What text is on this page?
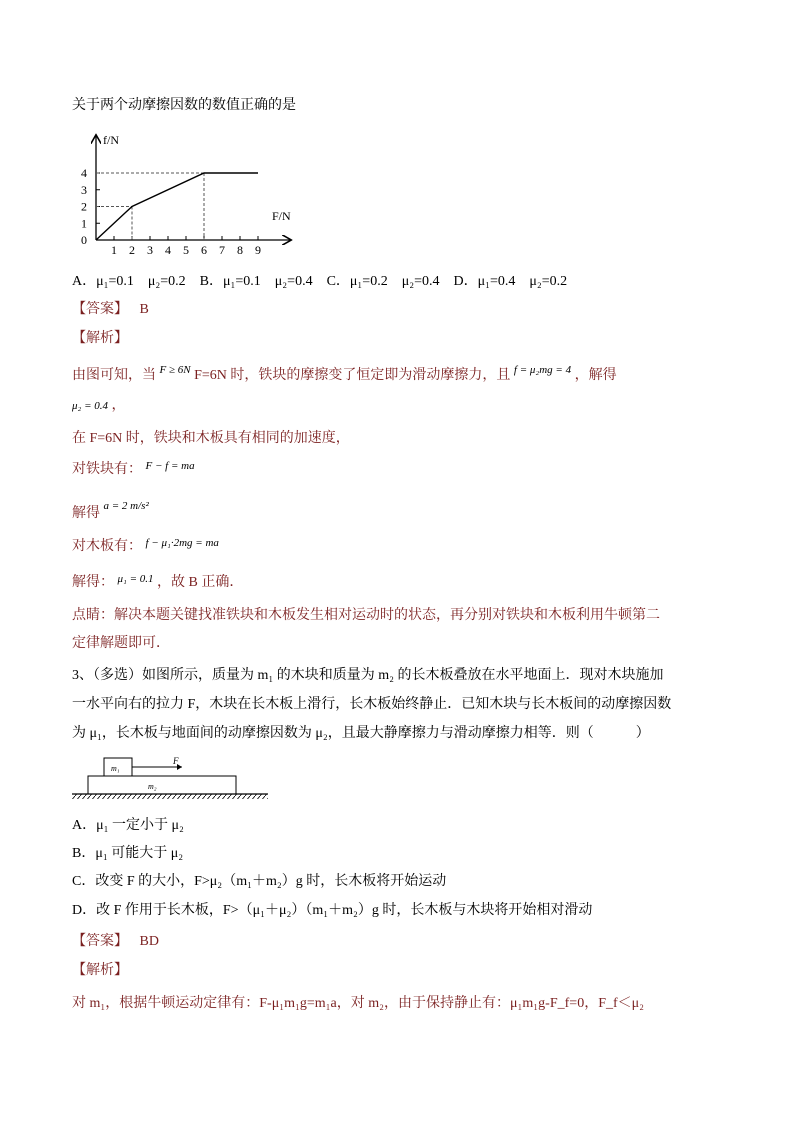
关于两个动摩擦因数的数值正确的是
f/N
F/N
1 2 3 4 5 6 7 8 9
0
1
2
3
4
A．μ₁=0.1　μ₂=0.2　B．μ₁=0.1　μ₂=0.4　C．μ₁=0.2　μ₂=0.4　D．μ₁=0.4　μ₂=0.2
【答案】 B
【解析】
由图可知，当 $^{F \ge 6N}$ F=6N 时，铁块的摩擦变了恒定即为滑动摩擦力，且 $^{f = \mu_2mg = 4}$ ，解得
μ₂ = 0.4 ，
在 F=6N 时，铁块和木板具有相同的加速度，
对铁块有： $^{F - f = ma}$
解得 $^{a = 2 m/s^2}$
对木板有： $^{f - \mu_1\cdot 2mg = ma}$
解得： $^{\mu_1 = 0.1}$ ，故 B 正确．
点睛：解决本题关键找准铁块和木板发生相对运动时的状态，再分别对铁块和木板利用牛顿第二
定律解题即可．
3、（多选）如图所示，质量为 m₁ 的木块和质量为 m₂ 的长木板叠放在水平地面上．现对木块施加
一水平向右的拉力 F，木块在长木板上滑行，长木板始终静止．已知木块与长木板间的动摩擦因数
为 μ₁，长木板与地面间的动摩擦因数为 μ₂，且最大静摩擦力与滑动摩擦力相等．则（　　　）
m₁
F
m₂
A．μ₁ 一定小于 μ₂
B．μ₁ 可能大于 μ₂
C．改变 F 的大小，F>μ₂（m₁＋m₂）g 时，长木板将开始运动
D．改 F 作用于长木板，F>（μ₁＋μ₂）（m₁＋m₂）g 时，长木板与木块将开始相对滑动
【答案】 BD
【解析】
对 m₁，根据牛顿运动定律有：F-μ₁m₁g=m₁a，对 m₂，由于保持静止有：μ₁m₁g-F_f=0，F_f＜μ₂
